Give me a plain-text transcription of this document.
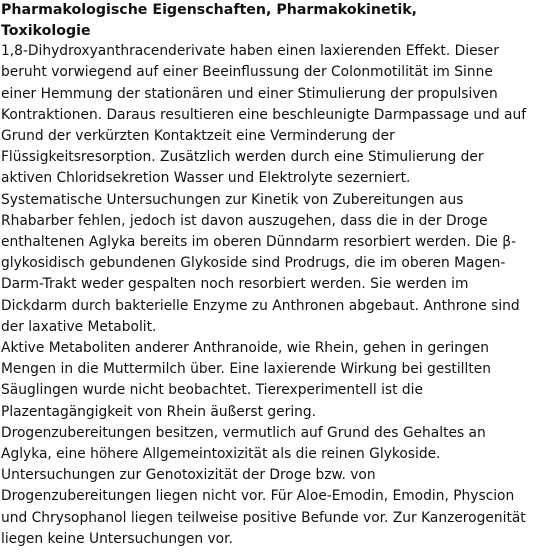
Pharmakologische Eigenschaften, Pharmakokinetik,
Toxikologie
1,8-Dihydroxyanthracenderivate haben einen laxierenden Effekt. Dieser
beruht vorwiegend auf einer Beeinflussung der Colonmotilität im Sinne
einer Hemmung der stationären und einer Stimulierung der propulsiven
Kontraktionen. Daraus resultieren eine beschleunigte Darmpassage und auf
Grund der verkürzten Kontaktzeit eine Verminderung der
Flüssigkeitsresorption. Zusätzlich werden durch eine Stimulierung der
aktiven Chloridsekretion Wasser und Elektrolyte sezerniert.
Systematische Untersuchungen zur Kinetik von Zubereitungen aus
Rhabarber fehlen, jedoch ist davon auszugehen, dass die in der Droge
enthaltenen Aglyka bereits im oberen Dünndarm resorbiert werden. Die β-
glykosidisch gebundenen Glykoside sind Prodrugs, die im oberen Magen-
Darm-Trakt weder gespalten noch resorbiert werden. Sie werden im
Dickdarm durch bakterielle Enzyme zu Anthronen abgebaut. Anthrone sind
der laxative Metabolit.
Aktive Metaboliten anderer Anthranoide, wie Rhein, gehen in geringen
Mengen in die Muttermilch über. Eine laxierende Wirkung bei gestillten
Säuglingen wurde nicht beobachtet. Tierexperimentell ist die
Plazentagängigkeit von Rhein äußerst gering.
Drogenzubereitungen besitzen, vermutlich auf Grund des Gehaltes an
Aglyka, eine höhere Allgemeintoxizität als die reinen Glykoside.
Untersuchungen zur Genotoxizität der Droge bzw. von
Drogenzubereitungen liegen nicht vor. Für Aloe-Emodin, Emodin, Physcion
und Chrysophanol liegen teilweise positive Befunde vor. Zur Kanzerogenität
liegen keine Untersuchungen vor.
